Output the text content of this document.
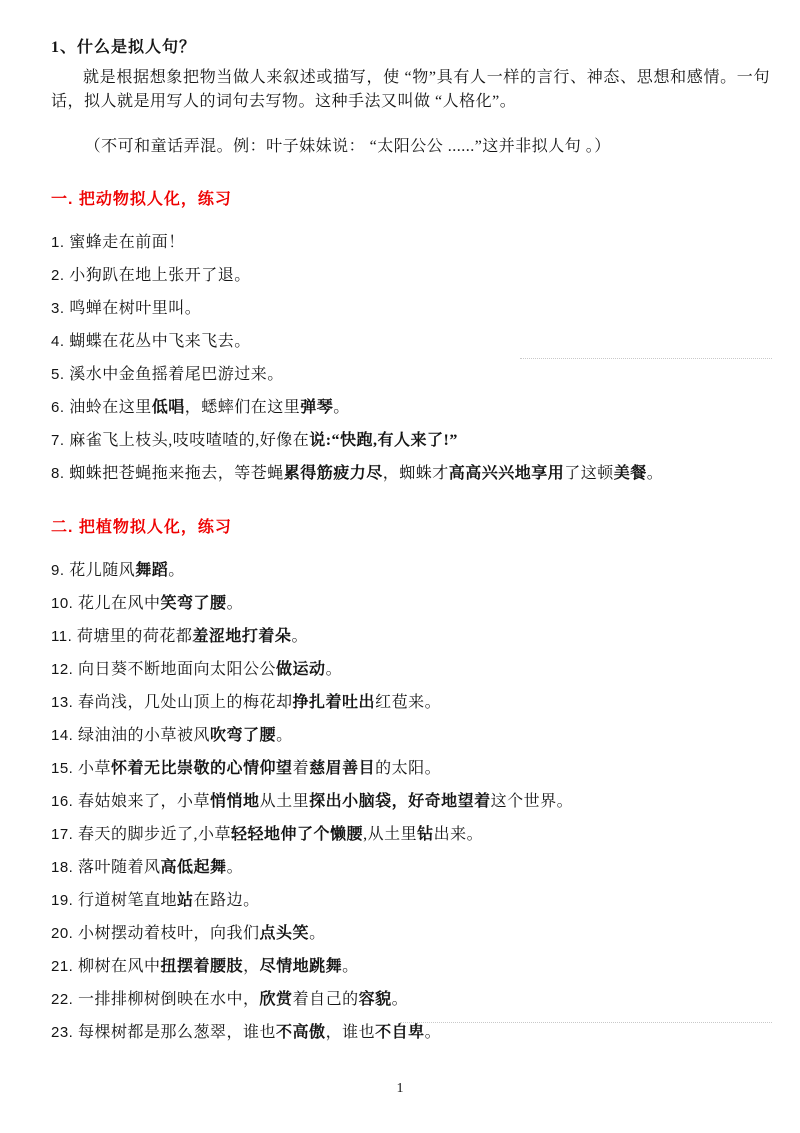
1、什么是拟人句？

就是根据想象把物当做人来叙述或描写，使 “物”具有人一样的言行、神态、思想和感情。一句话，拟人就是用写人的词句去写物。这种手法又叫做 “人格化”。

（不可和童话弄混。例：叶子妹妹说： “太阳公公 ......”这并非拟人句 。）

一. 把动物拟人化，练习
1. 蜜蜂走在前面！
2. 小狗趴在地上张开了退。
3. 鸣蝉在树叶里叫。
4. 蝴蝶在花丛中飞来飞去。
5. 溪水中金鱼摇着尾巴游过来。
6. 油蛉在这里低唱，蟋蟀们在这里弹琴。
7. 麻雀飞上枝头,吱吱喳喳的,好像在说:“快跑,有人来了!”
8. 蜘蛛把苍蝇拖来拖去，等苍蝇累得筋疲力尽，蜘蛛才高高兴兴地享用了这顿美餐。
二. 把植物拟人化，练习
9. 花儿随风舞蹈。
10. 花儿在风中笑弯了腰。
11. 荷塘里的荷花都羞涩地打着朵。
12. 向日葵不断地面向太阳公公做运动。
13. 春尚浅，几处山顶上的梅花却挣扎着吐出红苞来。
14. 绿油油的小草被风吹弯了腰。
15. 小草怀着无比崇敬的心情仰望着慈眉善目的太阳。
16. 春姑娘来了，小草悄悄地从土里探出小脑袋，好奇地望着这个世界。
17. 春天的脚步近了,小草轻轻地伸了个懒腰,从土里钻出来。
18. 落叶随着风高低起舞。
19. 行道树笔直地站在路边。
20. 小树摆动着枝叶，向我们点头笑。
21. 柳树在风中扭摆着腰肢，尽情地跳舞。
22. 一排排柳树倒映在水中，欣赏着自己的容貌。
23. 每棵树都是那么葱翠，谁也不高傲，谁也不自卑。
1
